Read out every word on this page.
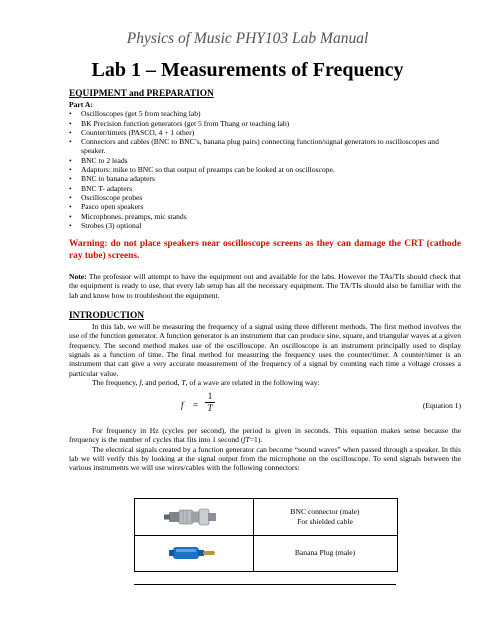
Physics of Music PHY103 Lab Manual
Lab 1 – Measurements of Frequency
EQUIPMENT and PREPARATION
Part A:
• Oscilloscopes (get 5 from teaching lab)
• BK Precision function generators (get 5 from Thang or teaching lab)
• Counter/timers (PASCO, 4 + 1 other)
• Connectors and cables (BNC to BNC’s, banana plug pairs) connecting function/signal generators to oscilloscopes and speaker.
• BNC to 2 leads
• Adaptors: mike to BNC so that output of preamps can be looked at on oscilloscope.
• BNC to banana adapters
• BNC T- adapters
• Oscilloscope probes
• Pasco open speakers
• Microphones, preamps, mic stands
• Strobes (3) optional

Warning: do not place speakers near oscilloscope screens as they can damage the CRT (cathode ray tube) screens.

Note: The professor will attempt to have the equipment out and available for the labs. However the TAs/TIs should check that the equipment is ready to use, that every lab setup has all the necessary equipment. The TA/TIs should also be familiar with the lab and know how to troubleshoot the equipment.

INTRODUCTION

In this lab, we will be measuring the frequency of a signal using three different methods. The first method involves the use of the function generator. A function generator is an instrument that can produce sine, square, and triangular waves at a given frequency. The second method makes use of the oscilloscope. An oscilloscope is an instrument principally used to display signals as a function of time. The final method for measuring the frequency uses the counter/timer. A counter/timer is an instrument that can give a very accurate measurement of the frequency of a signal by counting each time a voltage crosses a particular value.

The frequency, f, and period, T, of a wave are related in the following way:

f =
1
T	(Equation 1)

For frequency in Hz (cycles per second), the period is given in seconds. This equation makes sense because the frequency is the number of cycles that fits into 1 second (fT=1).

The electrical signals created by a function generator can become “sound waves” when passed through a speaker. In this lab we will verify this by looking at the signal output from the microphone on the oscilloscope. To send signals between the various instruments we will use wires/cables with the following connectors:

BNC connector (male)
For shielded cable
Banana Plug (male)
